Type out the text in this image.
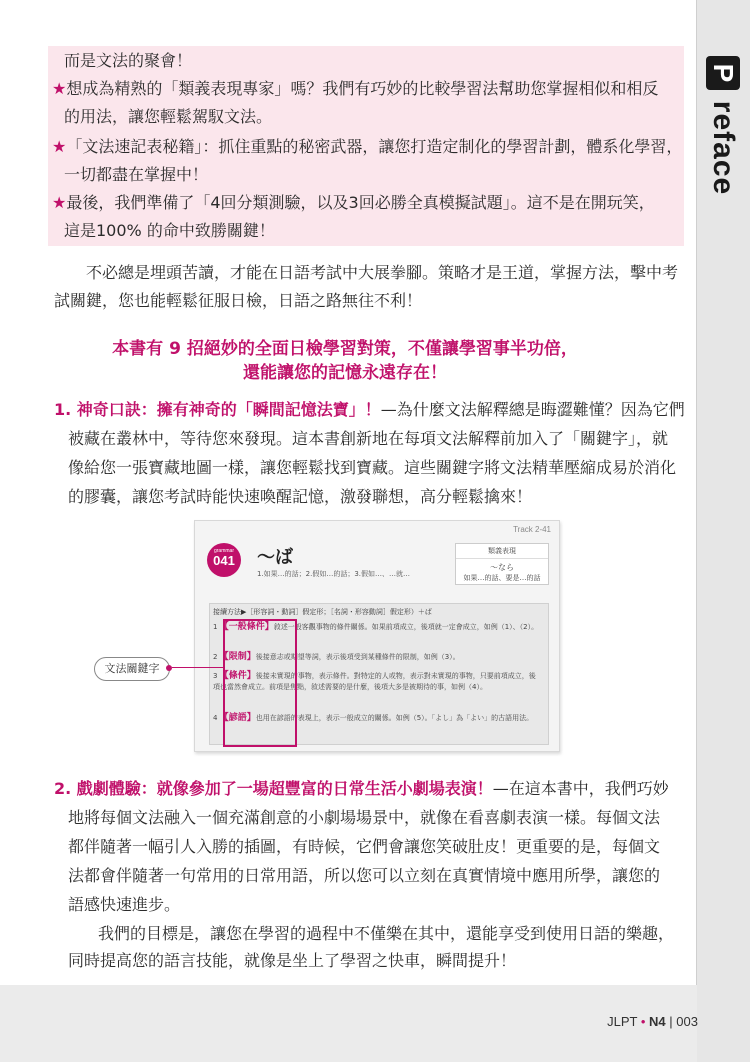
P
reface
而是文法的聚會！
★想成為精熟的「類義表現專家」嗎？我們有巧妙的比較學習法幫助您掌握相似和相反
的用法，讓您輕鬆駕馭文法。
★「文法速記表秘籍」：抓住重點的秘密武器，讓您打造定制化的學習計劃，體系化學習，
一切都盡在掌握中！
★最後，我們準備了「4回分類測驗，以及3回必勝全真模擬試題」。這不是在開玩笑，
這是100% 的命中致勝關鍵！
不必總是埋頭苦讀，才能在日語考試中大展拳腳。策略才是王道，掌握方法，擊中考
試關鍵，您也能輕鬆征服日檢，日語之路無往不利！
本書有 9 招絕妙的全面日檢學習對策，不僅讓學習事半功倍，
還能讓您的記憶永遠存在！
1. 神奇口訣：擁有神奇的「瞬間記憶法寶」！—為什麼文法解釋總是晦澀難懂？因為它們
被藏在叢林中，等待您來發現。這本書創新地在每項文法解釋前加入了「關鍵字」，就
像給您一張寶藏地圖一樣，讓您輕鬆找到寶藏。這些關鍵字將文法精華壓縮成易於消化
的膠囊，讓您考試時能快速喚醒記憶，激發聯想，高分輕鬆擒來！
Track 2-41
grammar
041	～ば
1.如果…的話；2.假如…的話；3.假如…、…就…
類義表現
～なら
如果…的話、要是…的話
接續方法▶［形容詞・動詞］假定形；［名詞・形容動詞］假定形）＋ば
1 【一般條件】敘述一般客觀事物的條件關係。如果前項成立，後項就一定會成立，如例（1）、（2）。
2 【限制】後接意志或期望等詞，表示後項受到某種條件的限制，如例（3）。
3 【條件】後接未實現的事物，表示條件。對特定的人或物，表示對未實現的事物，只要前項成立，後項也當然會成立。前項是焦點，敘述需要的是什麼，後項大多是被期待的事，如例（4）。
4 【諺語】也用在諺語的表現上，表示一般成立的關係。如例（5）。「よし」為「よい」的古語用法。
文法關鍵字
2. 戲劇體驗：就像參加了一場超豐富的日常生活小劇場表演！—在這本書中，我們巧妙
地將每個文法融入一個充滿創意的小劇場場景中，就像在看喜劇表演一樣。每個文法
都伴隨著一幅引人入勝的插圖，有時候，它們會讓您笑破肚皮！更重要的是，每個文
法都會伴隨著一句常用的日常用語，所以您可以立刻在真實情境中應用所學，讓您的
語感快速進步。
我們的目標是，讓您在學習的過程中不僅樂在其中，還能享受到使用日語的樂趣，
同時提高您的語言技能，就像是坐上了學習之快車，瞬間提升！
JLPT • N4 | 003
